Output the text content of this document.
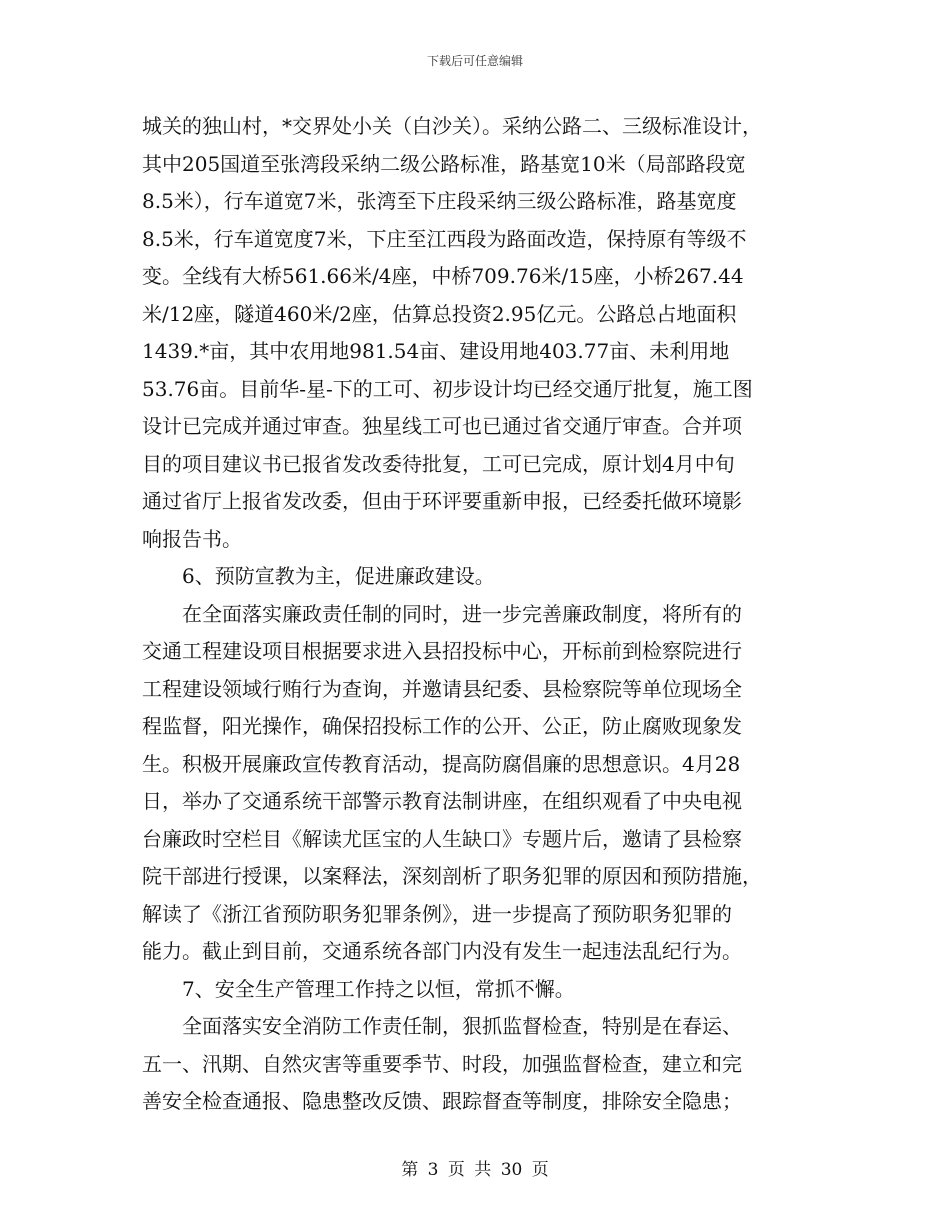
下载后可任意编辑
城关的独山村，*交界处小关（白沙关）。采纳公路二、三级标准设计，
其中205国道至张湾段采纳二级公路标准，路基宽10米（局部路段宽
8.5米），行车道宽7米，张湾至下庄段采纳三级公路标准，路基宽度
8.5米，行车道宽度7米，下庄至江西段为路面改造，保持原有等级不
变。全线有大桥561.66米/4座，中桥709.76米/15座，小桥267.44
米/12座，隧道460米/2座，估算总投资2.95亿元。公路总占地面积
1439.*亩，其中农用地981.54亩、建设用地403.77亩、未利用地
53.76亩。目前华-星-下的工可、初步设计均已经交通厅批复，施工图
设计已完成并通过审查。独星线工可也已通过省交通厅审查。合并项
目的项目建议书已报省发改委待批复，工可已完成，原计划4月中旬
通过省厅上报省发改委，但由于环评要重新申报，已经委托做环境影
响报告书。
　　6、预防宣教为主，促进廉政建设。
　　在全面落实廉政责任制的同时，进一步完善廉政制度，将所有的
交通工程建设项目根据要求进入县招投标中心，开标前到检察院进行
工程建设领域行贿行为查询，并邀请县纪委、县检察院等单位现场全
程监督，阳光操作，确保招投标工作的公开、公正，防止腐败现象发
生。积极开展廉政宣传教育活动，提高防腐倡廉的思想意识。4月28
日，举办了交通系统干部警示教育法制讲座，在组织观看了中央电视
台廉政时空栏目《解读尤匡宝的人生缺口》专题片后，邀请了县检察
院干部进行授课，以案释法，深刻剖析了职务犯罪的原因和预防措施，
解读了《浙江省预防职务犯罪条例》，进一步提高了预防职务犯罪的
能力。截止到目前，交通系统各部门内没有发生一起违法乱纪行为。
　　7、安全生产管理工作持之以恒，常抓不懈。
　　全面落实安全消防工作责任制，狠抓监督检查，特别是在春运、
五一、汛期、自然灾害等重要季节、时段，加强监督检查，建立和完
善安全检查通报、隐患整改反馈、跟踪督查等制度，排除安全隐患；
第 3 页 共 30 页
